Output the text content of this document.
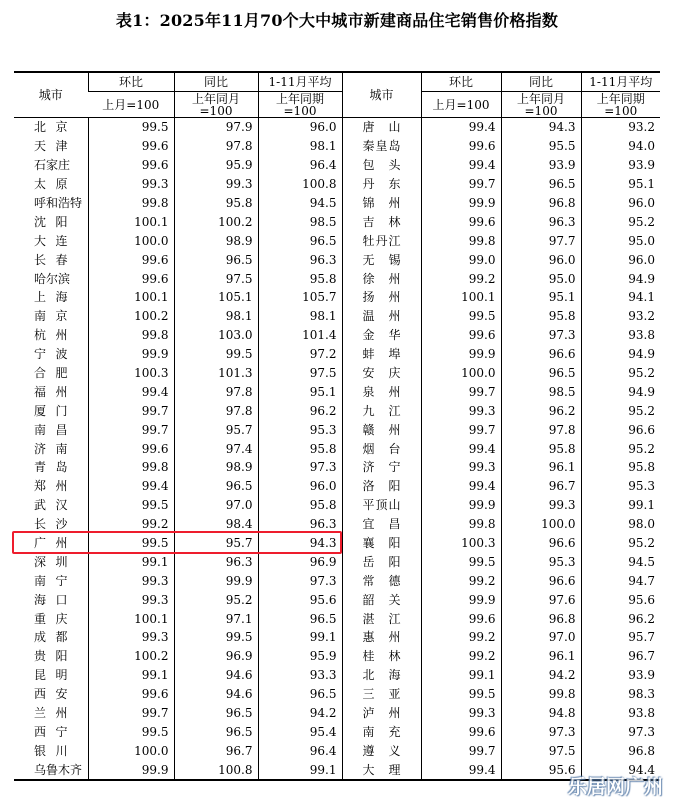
表1：2025年11月70个大中城市新建商品住宅销售价格指数
城市	环比	同比	1-11月平均	城市	环比	同比	1-11月平均
	上月=100	上年同月=100	上年同期=100		上月=100	上年同月=100	上年同期=100
北京	99.5	97.9	96.0	唐山	99.4	94.3	93.2
天津	99.6	97.8	98.1	秦皇岛	99.6	95.5	94.0
石家庄	99.6	95.9	96.4	包头	99.4	93.9	93.9
太原	99.3	99.3	100.8	丹东	99.7	96.5	95.1
呼和浩特	99.8	95.8	94.5	锦州	99.9	96.8	96.0
沈阳	100.1	100.2	98.5	吉林	99.6	96.3	95.2
大连	100.0	98.9	96.5	牡丹江	99.8	97.7	95.0
长春	99.6	96.5	96.3	无锡	99.0	96.0	96.0
哈尔滨	99.6	97.5	95.8	徐州	99.2	95.0	94.9
上海	100.1	105.1	105.7	扬州	100.1	95.1	94.1
南京	100.2	98.1	98.1	温州	99.5	95.8	93.2
杭州	99.8	103.0	101.4	金华	99.6	97.3	93.8
宁波	99.9	99.5	97.2	蚌埠	99.9	96.6	94.9
合肥	100.3	101.3	97.5	安庆	100.0	96.5	95.2
福州	99.4	97.8	95.1	泉州	99.7	98.5	94.9
厦门	99.7	97.8	96.2	九江	99.3	96.2	95.2
南昌	99.7	95.7	95.3	赣州	99.7	97.8	96.6
济南	99.6	97.4	95.8	烟台	99.4	95.8	95.2
青岛	99.8	98.9	97.3	济宁	99.3	96.1	95.8
郑州	99.4	96.5	96.0	洛阳	99.4	96.7	95.3
武汉	99.5	97.0	95.8	平顶山	99.9	99.3	99.1
长沙	99.2	98.4	96.3	宜昌	99.8	100.0	98.0
广州	99.5	95.7	94.3	襄阳	100.3	96.6	95.2
深圳	99.1	96.3	96.9	岳阳	99.5	95.3	94.5
南宁	99.3	99.9	97.3	常德	99.2	96.6	94.7
海口	99.3	95.2	95.6	韶关	99.9	97.6	95.6
重庆	100.1	97.1	96.5	湛江	99.6	96.8	96.2
成都	99.3	99.5	99.1	惠州	99.2	97.0	95.7
贵阳	100.2	96.9	95.9	桂林	99.2	96.1	96.7
昆明	99.1	94.6	93.3	北海	99.1	94.2	93.9
西安	99.6	94.6	96.5	三亚	99.5	99.8	98.3
兰州	99.7	96.5	94.2	泸州	99.3	94.8	93.8
西宁	99.5	96.5	95.4	南充	99.6	97.3	97.3
银川	100.0	96.7	96.4	遵义	99.7	97.5	96.8
乌鲁木齐	99.9	100.8	99.1	大理	99.4	95.6	94.4
乐居网广州
